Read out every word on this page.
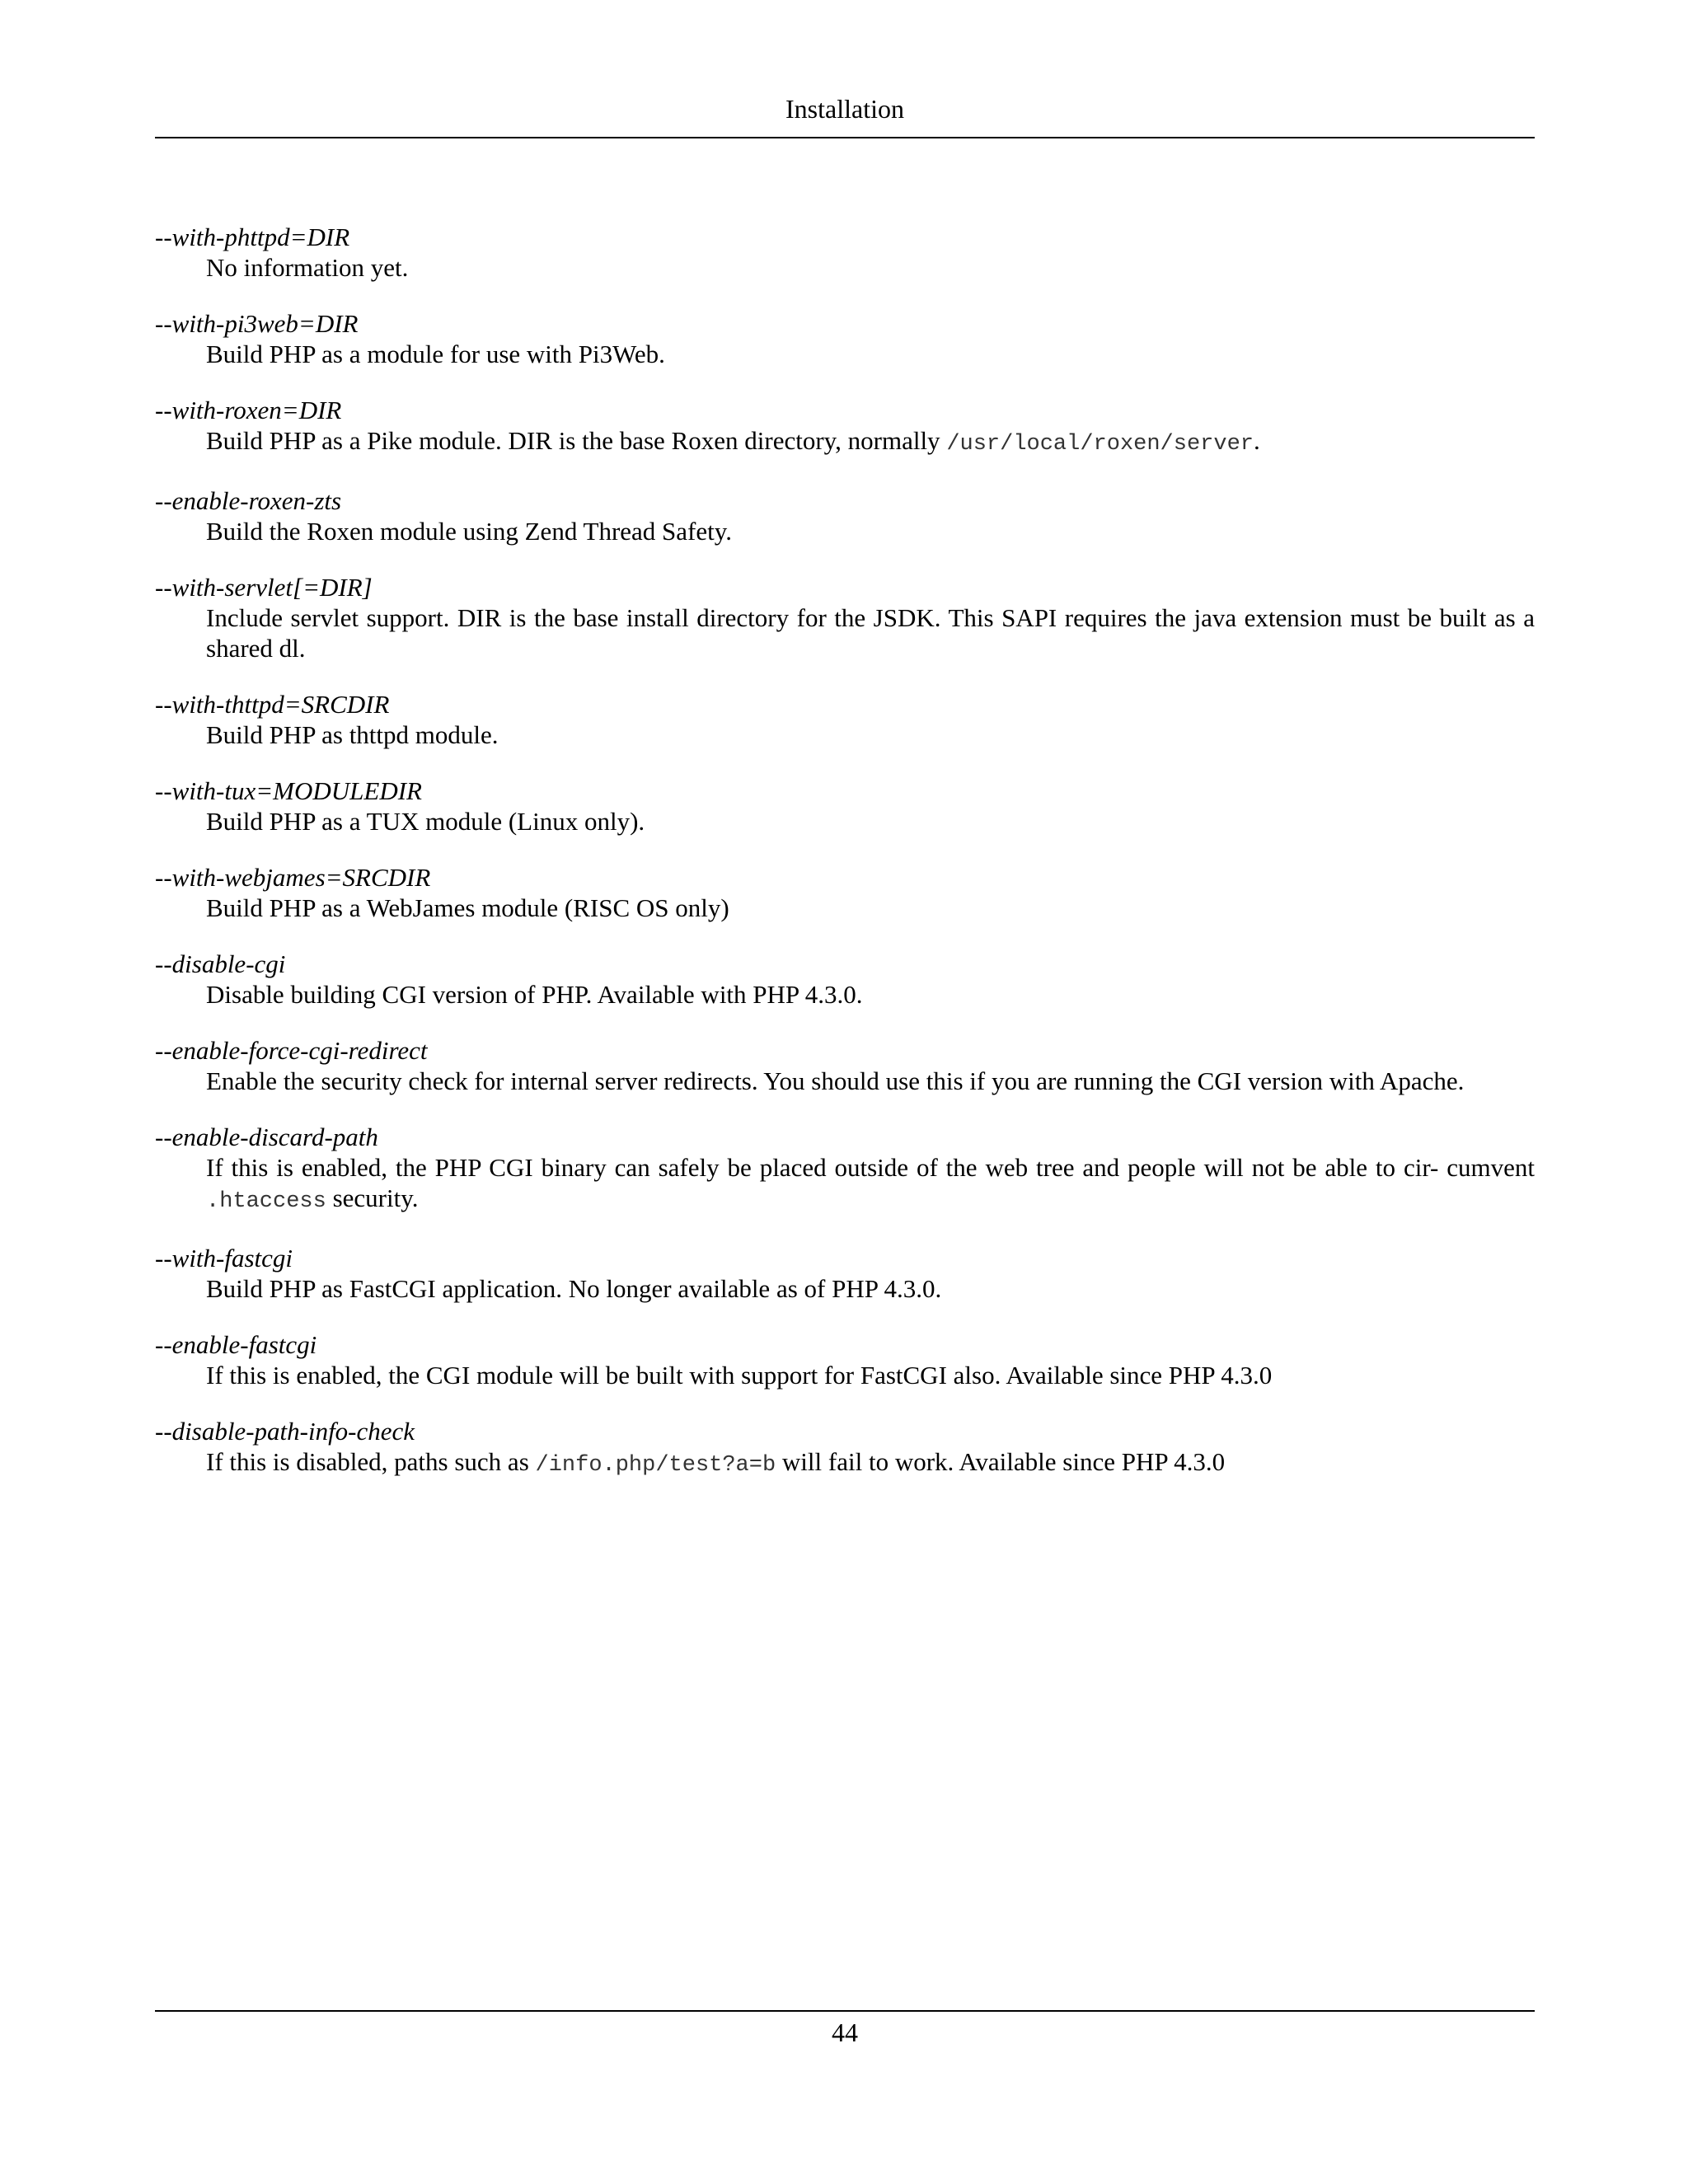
Installation
--with-phttpd=DIR
No information yet.
--with-pi3web=DIR
Build PHP as a module for use with Pi3Web.
--with-roxen=DIR
Build PHP as a Pike module. DIR is the base Roxen directory, normally /usr/local/roxen/server.
--enable-roxen-zts
Build the Roxen module using Zend Thread Safety.
--with-servlet[=DIR]
Include servlet support. DIR is the base install directory for the JSDK. This SAPI requires the java extension must be built as a shared dl.
--with-thttpd=SRCDIR
Build PHP as thttpd module.
--with-tux=MODULEDIR
Build PHP as a TUX module (Linux only).
--with-webjames=SRCDIR
Build PHP as a WebJames module (RISC OS only)
--disable-cgi
Disable building CGI version of PHP. Available with PHP 4.3.0.
--enable-force-cgi-redirect
Enable the security check for internal server redirects. You should use this if you are running the CGI version with Apache.
--enable-discard-path
If this is enabled, the PHP CGI binary can safely be placed outside of the web tree and people will not be able to cir- cumvent .htaccess security.
--with-fastcgi
Build PHP as FastCGI application. No longer available as of PHP 4.3.0.
--enable-fastcgi
If this is enabled, the CGI module will be built with support for FastCGI also. Available since PHP 4.3.0
--disable-path-info-check
If this is disabled, paths such as /info.php/test?a=b will fail to work. Available since PHP 4.3.0
44
